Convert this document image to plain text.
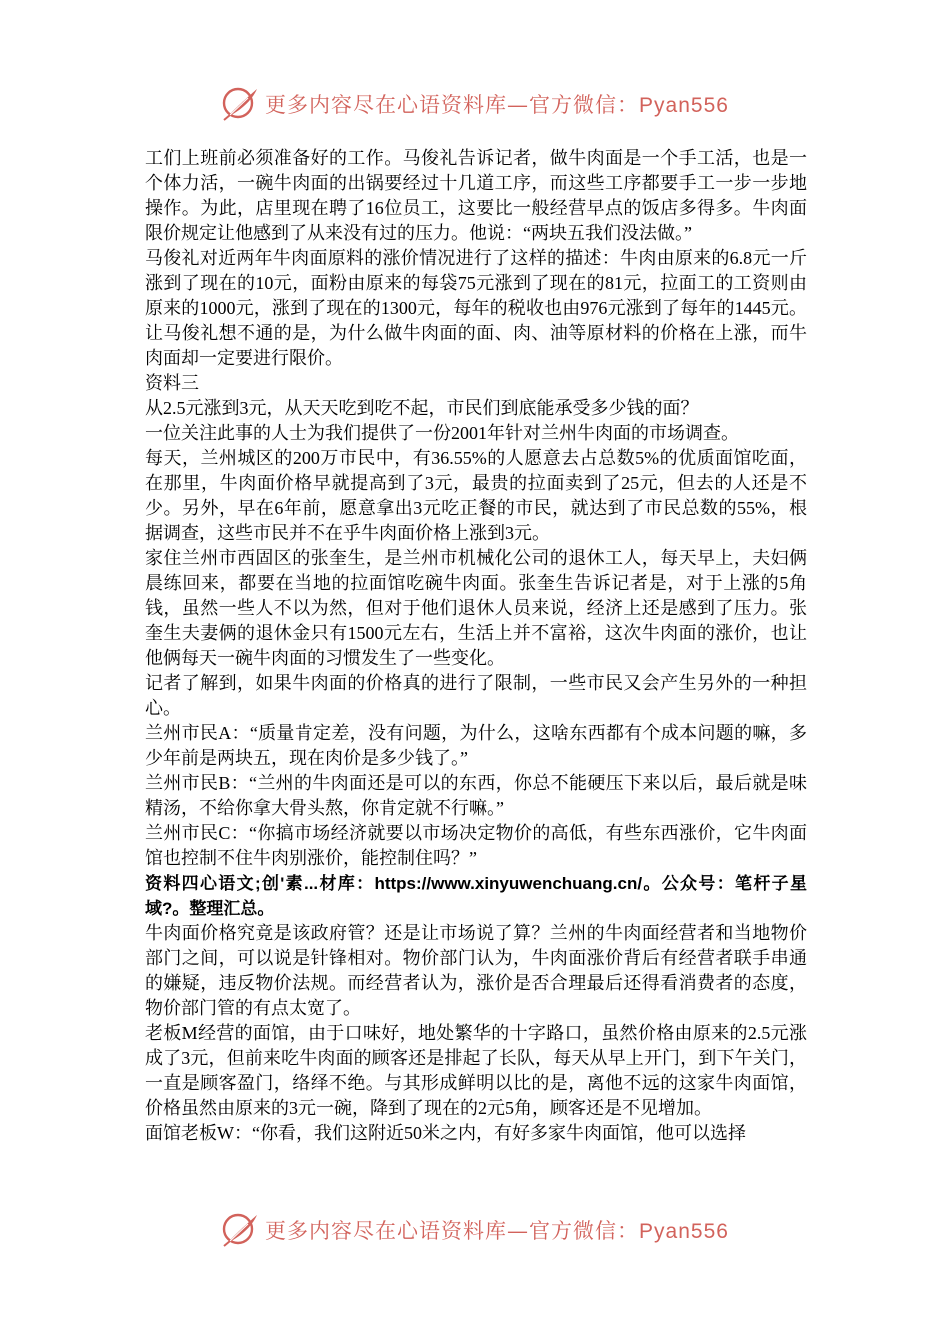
更多内容尽在心语资料库—官方微信：Pyan556

工们上班前必须准备好的工作。马俊礼告诉记者，做牛肉面是一个手工活，也是一个体力活，一碗牛肉面的出锅要经过十几道工序，而这些工序都要手工一步一步地操作。为此，店里现在聘了16位员工，这要比一般经营早点的饭店多得多。牛肉面限价规定让他感到了从来没有过的压力。他说：“两块五我们没法做。”

马俊礼对近两年牛肉面原料的涨价情况进行了这样的描述：牛肉由原来的6.8元一斤涨到了现在的10元，面粉由原来的每袋75元涨到了现在的81元，拉面工的工资则由原来的1000元，涨到了现在的1300元，每年的税收也由976元涨到了每年的1445元。让马俊礼想不通的是，为什么做牛肉面的面、肉、油等原材料的价格在上涨，而牛肉面却一定要进行限价。

资料三

从2.5元涨到3元，从天天吃到吃不起，市民们到底能承受多少钱的面？

一位关注此事的人士为我们提供了一份2001年针对兰州牛肉面的市场调查。

每天，兰州城区的200万市民中，有36.55%的人愿意去占总数5%的优质面馆吃面，在那里，牛肉面价格早就提高到了3元，最贵的拉面卖到了25元，但去的人还是不少。另外，早在6年前，愿意拿出3元吃正餐的市民，就达到了市民总数的55%，根据调查，这些市民并不在乎牛肉面价格上涨到3元。

家住兰州市西固区的张奎生，是兰州市机械化公司的退休工人，每天早上，夫妇俩晨练回来，都要在当地的拉面馆吃碗牛肉面。张奎生告诉记者是，对于上涨的5角钱，虽然一些人不以为然，但对于他们退休人员来说，经济上还是感到了压力。张奎生夫妻俩的退休金只有1500元左右，生活上并不富裕，这次牛肉面的涨价，也让他俩每天一碗牛肉面的习惯发生了一些变化。

记者了解到，如果牛肉面的价格真的进行了限制，一些市民又会产生另外的一种担心。

兰州市民A：“质量肯定差，没有问题，为什么，这啥东西都有个成本问题的嘛，多少年前是两块五，现在肉价是多少钱了。”

兰州市民B：“兰州的牛肉面还是可以的东西，你总不能硬压下来以后，最后就是味精汤，不给你拿大骨头熬，你肯定就不行嘛。”

兰州市民C：“你搞市场经济就要以市场决定物价的高低，有些东西涨价，它牛肉面馆也控制不住牛肉别涨价，能控制住吗？”

资料四心语文;创'素...材库：https://www.xinyuwenchuang.cn/。公众号：笔杆子星域?。整理汇总。

牛肉面价格究竟是该政府管？还是让市场说了算？兰州的牛肉面经营者和当地物价部门之间，可以说是针锋相对。物价部门认为，牛肉面涨价背后有经营者联手串通的嫌疑，违反物价法规。而经营者认为，涨价是否合理最后还得看消费者的态度，物价部门管的有点太宽了。

老板M经营的面馆，由于口味好，地处繁华的十字路口，虽然价格由原来的2.5元涨成了3元，但前来吃牛肉面的顾客还是排起了长队，每天从早上开门，到下午关门，一直是顾客盈门，络绎不绝。与其形成鲜明以比的是，离他不远的这家牛肉面馆，价格虽然由原来的3元一碗，降到了现在的2元5角，顾客还是不见增加。

面馆老板W：“你看，我们这附近50米之内，有好多家牛肉面馆，他可以选择

更多内容尽在心语资料库—官方微信：Pyan556
